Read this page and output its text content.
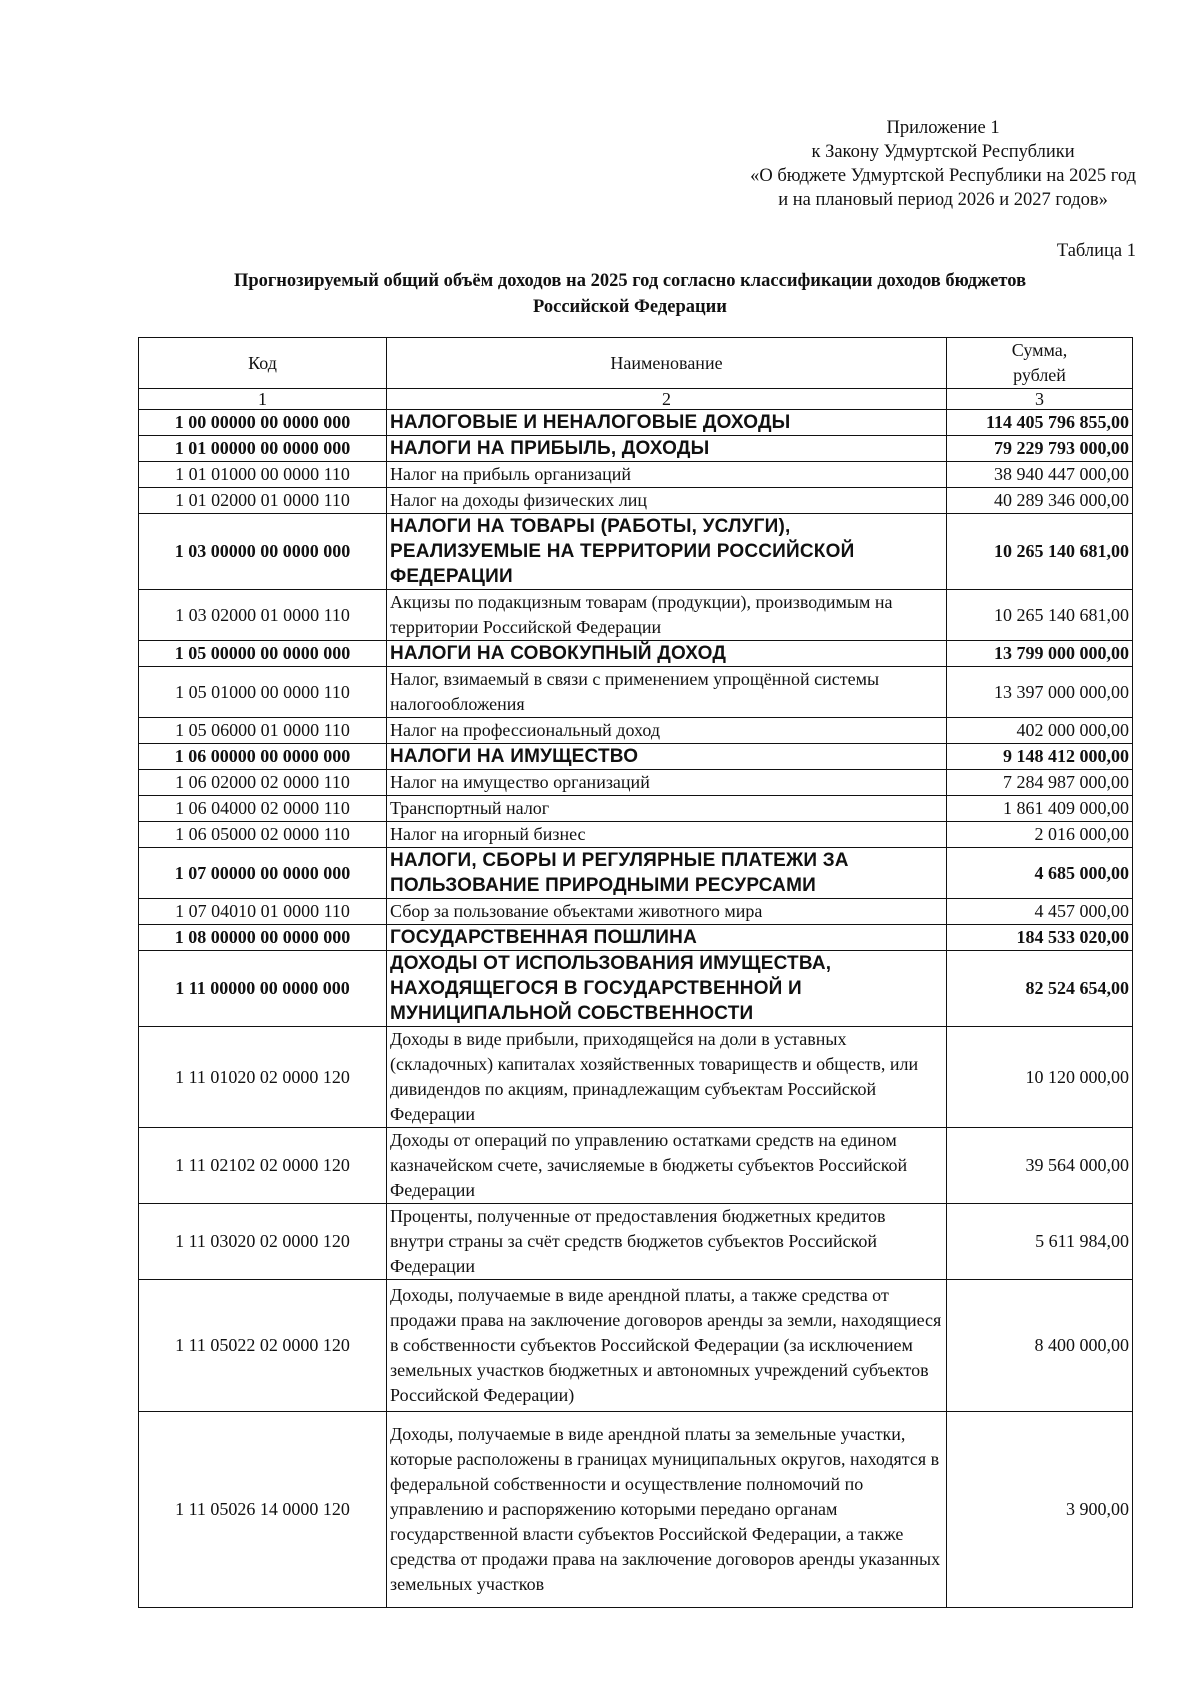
Приложение 1
к Закону Удмуртской Республики
«О бюджете Удмуртской Республики на 2025 год
и на плановый период 2026 и 2027 годов»
Таблица 1
Прогнозируемый общий объём доходов на 2025 год согласно классификации доходов бюджетов
Российской Федерации
Код	Наименование	Сумма,
рублей

1	2	3
1 00 00000 00 0000 000	НАЛОГОВЫЕ И НЕНАЛОГОВЫЕ ДОХОДЫ	114 405 796 855,00
1 01 00000 00 0000 000	НАЛОГИ НА ПРИБЫЛЬ, ДОХОДЫ	79 229 793 000,00
1 01 01000 00 0000 110	Налог на прибыль организаций	38 940 447 000,00
1 01 02000 01 0000 110	Налог на доходы физических лиц	40 289 346 000,00
1 03 00000 00 0000 000	НАЛОГИ НА ТОВАРЫ (РАБОТЫ, УСЛУГИ), РЕАЛИЗУЕМЫЕ НА ТЕРРИТОРИИ РОССИЙСКОЙ ФЕДЕРАЦИИ	10 265 140 681,00
1 03 02000 01 0000 110	Акцизы по подакцизным товарам (продукции), производимым на территории Российской Федерации	10 265 140 681,00
1 05 00000 00 0000 000	НАЛОГИ НА СОВОКУПНЫЙ ДОХОД	13 799 000 000,00
1 05 01000 00 0000 110	Налог, взимаемый в связи с применением упрощённой системы налогообложения	13 397 000 000,00
1 05 06000 01 0000 110	Налог на профессиональный доход	402 000 000,00
1 06 00000 00 0000 000	НАЛОГИ НА ИМУЩЕСТВО	9 148 412 000,00
1 06 02000 02 0000 110	Налог на имущество организаций	7 284 987 000,00
1 06 04000 02 0000 110	Транспортный налог	1 861 409 000,00
1 06 05000 02 0000 110	Налог на игорный бизнес	2 016 000,00
1 07 00000 00 0000 000	НАЛОГИ, СБОРЫ И РЕГУЛЯРНЫЕ ПЛАТЕЖИ ЗА ПОЛЬЗОВАНИЕ ПРИРОДНЫМИ РЕСУРСАМИ	4 685 000,00
1 07 04010 01 0000 110	Сбор за пользование объектами животного мира	4 457 000,00
1 08 00000 00 0000 000	ГОСУДАРСТВЕННАЯ ПОШЛИНА	184 533 020,00
1 11 00000 00 0000 000	ДОХОДЫ ОТ ИСПОЛЬЗОВАНИЯ ИМУЩЕСТВА, НАХОДЯЩЕГОСЯ В ГОСУДАРСТВЕННОЙ И МУНИЦИПАЛЬНОЙ СОБСТВЕННОСТИ	82 524 654,00
1 11 01020 02 0000 120	Доходы в виде прибыли, приходящейся на доли в уставных (складочных) капиталах хозяйственных товариществ и обществ, или дивидендов по акциям, принадлежащим субъектам Российской Федерации	10 120 000,00
1 11 02102 02 0000 120	Доходы от операций по управлению остатками средств на едином казначейском счете, зачисляемые в бюджеты субъектов Российской Федерации	39 564 000,00
1 11 03020 02 0000 120	Проценты, полученные от предоставления бюджетных кредитов внутри страны за счёт средств бюджетов субъектов Российской Федерации	5 611 984,00
1 11 05022 02 0000 120	Доходы, получаемые в виде арендной платы, а также средства от продажи права на заключение договоров аренды за земли, находящиеся в собственности субъектов Российской Федерации (за исключением земельных участков бюджетных и автономных учреждений субъектов Российской Федерации)	8 400 000,00
1 11 05026 14 0000 120	Доходы, получаемые в виде арендной платы за земельные участки, которые расположены в границах муниципальных округов, находятся в федеральной собственности и осуществление полномочий по управлению и распоряжению которыми передано органам государственной власти субъектов Российской Федерации, а также средства от продажи права на заключение договоров аренды указанных земельных участков	3 900,00
